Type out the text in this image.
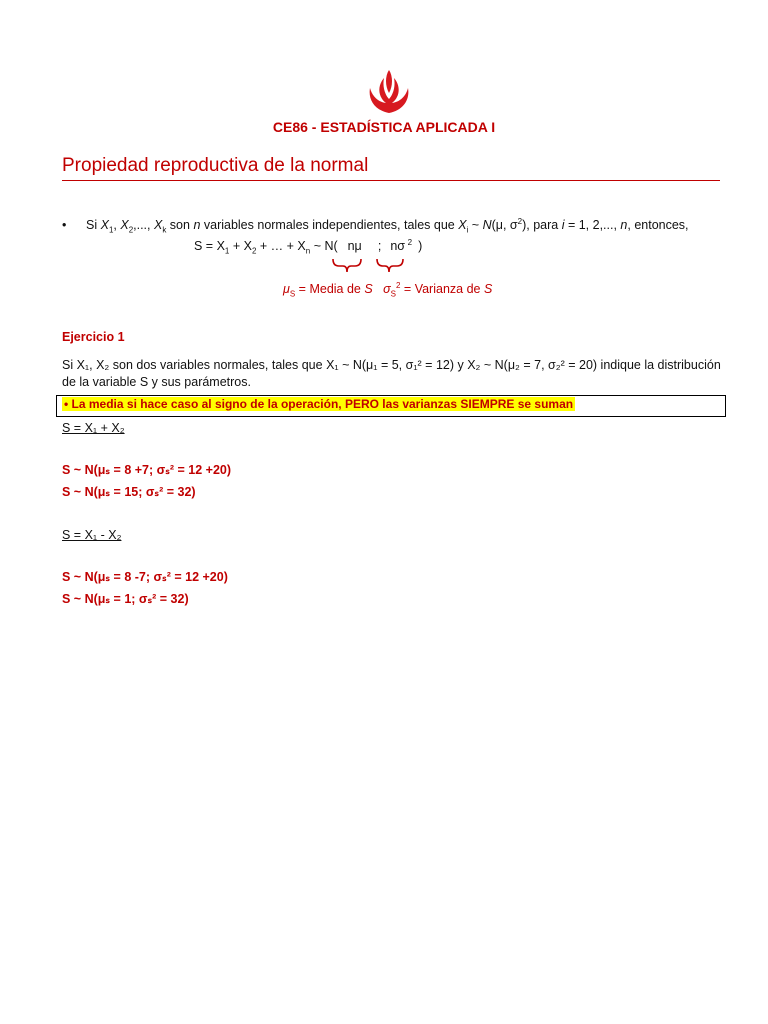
CE86 - ESTADÍSTICA APLICADA I
Propiedad reproductiva de la normal
• Si $X_1$, $X_2$,..., $X_k$ son n variables normales independientes, tales que $X_i$ ~ N(μ, $\sigma^2$), para i = 1, 2,..., n, entonces,
$S = X_1 + X_2$ + … + $X_n$ ~ N( nμ ; nσ $^2$ )
$\mu_S$ = Media de S $\sigma_S^2$ = Varianza de S
Ejercicio 1
Si X₁, X₂ son dos variables normales, tales que X₁ ~ N(μ₁ = 5, σ₁² = 12) y X₂ ~ N(μ₂ = 7, σ₂² = 20) indique la distribución
de la variable S y sus parámetros.
• La media si hace caso al signo de la operación, PERO las varianzas SIEMPRE se suman
S = X₁ + X₂
S ~ N(μₛ = 8 +7; σₛ² = 12 +20)
S ~ N(μₛ = 15; σₛ² = 32)
S = X₁ - X₂
S ~ N(μₛ = 8 -7; σₛ² = 12 +20)
S ~ N(μₛ = 1; σₛ² = 32)
